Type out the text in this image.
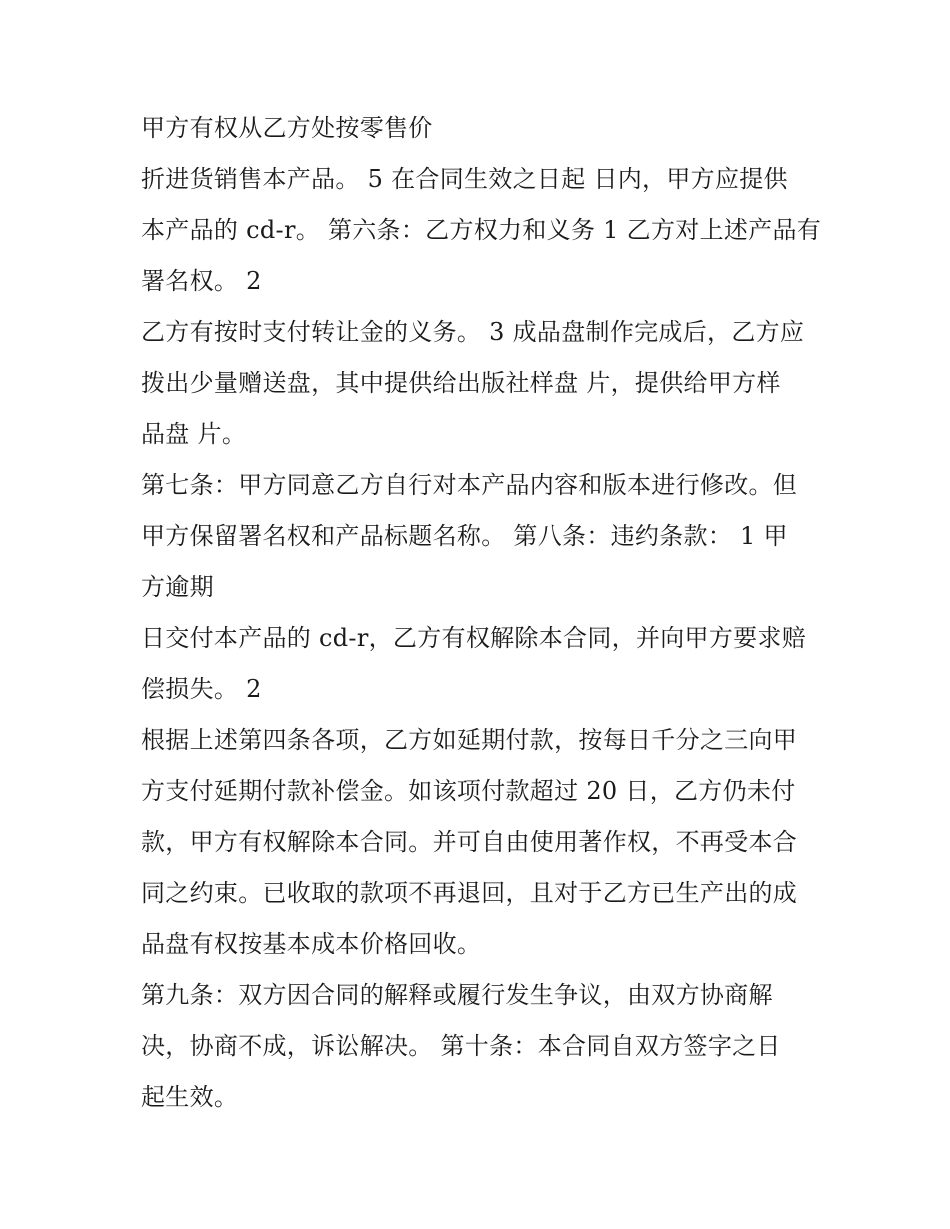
甲方有权从乙方处按零售价
折进货销售本产品。 5 在合同生效之日起 日内，甲方应提供
本产品的 cd-r。 第六条：乙方权力和义务 1 乙方对上述产品有
署名权。 2
乙方有按时支付转让金的义务。 3 成品盘制作完成后，乙方应
拨出少量赠送盘，其中提供给出版社样盘 片，提供给甲方样
品盘 片。
第七条：甲方同意乙方自行对本产品内容和版本进行修改。但
甲方保留署名权和产品标题名称。 第八条：违约条款： 1 甲
方逾期
日交付本产品的 cd-r，乙方有权解除本合同，并向甲方要求赔
偿损失。 2
根据上述第四条各项，乙方如延期付款，按每日千分之三向甲
方支付延期付款补偿金。如该项付款超过 20 日，乙方仍未付
款，甲方有权解除本合同。并可自由使用著作权，不再受本合
同之约束。已收取的款项不再退回，且对于乙方已生产出的成
品盘有权按基本成本价格回收。
第九条：双方因合同的解释或履行发生争议，由双方协商解
决，协商不成，诉讼解决。 第十条：本合同自双方签字之日
起生效。
